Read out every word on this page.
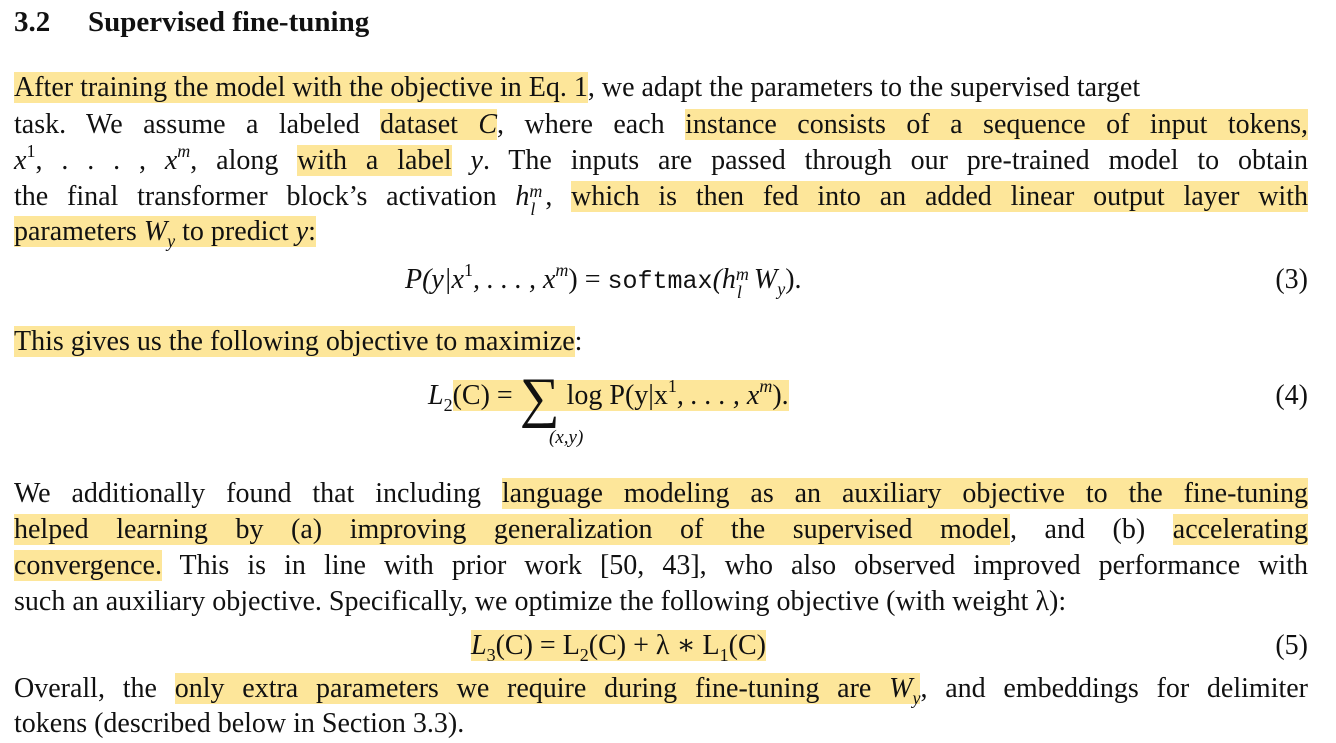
3.2 Supervised fine-tuning
After training the model with the objective in Eq. 1, we adapt the parameters to the supervised target
task. We assume a labeled dataset C, where each instance consists of a sequence of input tokens,
$x^1$, . . . , $x^m$, along with a label y. The inputs are passed through our pre-trained model to obtain
the final transformer block’s activation h m
l , which is then fed into an added linear output layer with
parameters $W_y$ to predict y:
$P(y|x^1$, . . . , $x^m$) = softmax(h m
l $W_y$).	(3)
This gives us the following objective to maximize:
$L_2(C)$ = ∑ $\log P(y|x^1$, . . . , $x^m$).
(x,y)
(4)
We additionally found that including language modeling as an auxiliary objective to the fine-tuning
helped learning by (a) improving generalization of the supervised model, and (b) accelerating
convergence. This is in line with prior work [50, 43], who also observed improved performance with
such an auxiliary objective. Specifically, we optimize the following objective (with weight λ):
$L_3(C) = L_2(C) + \lambda$ ∗ $L_1(C)$	(5)
Overall, the only extra parameters we require during fine-tuning are $W_y$, and embeddings for delimiter
tokens (described below in Section 3.3).
